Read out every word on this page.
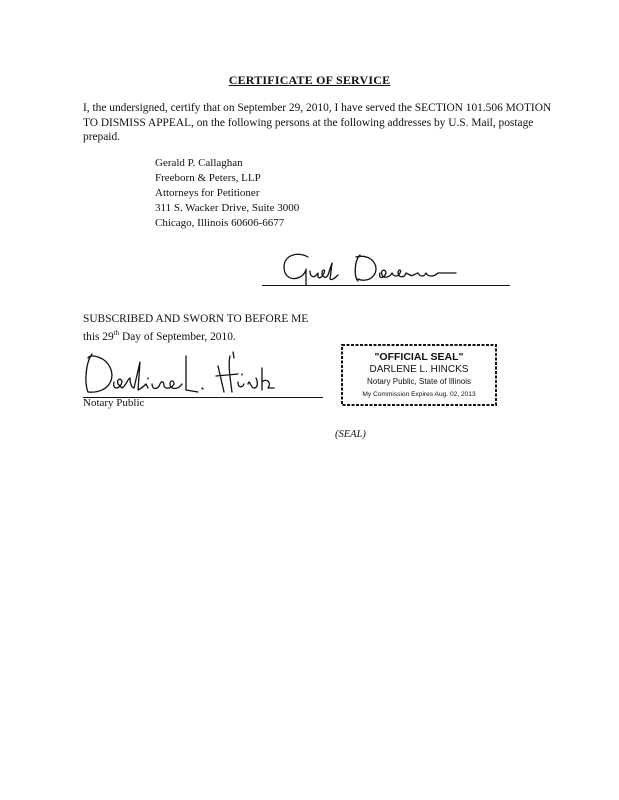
CERTIFICATE OF SERVICE
I, the undersigned, certify that on September 29, 2010, I have served the SECTION 101.506 MOTION TO DISMISS APPEAL, on the following persons at the following addresses by U.S. Mail, postage prepaid.
Gerald P. Callaghan
Freeborn & Peters, LLP
Attorneys for Petitioner
311 S. Wacker Drive, Suite 3000
Chicago, Illinois 60606-6677
SUBSCRIBED AND SWORN TO BEFORE ME
this 29th Day of September, 2010.
Notary Public
"OFFICIAL SEAL"
DARLENE L. HINCKS
Notary Public, State of Illinois
My Commission Expires Aug. 02, 2013
(SEAL)
